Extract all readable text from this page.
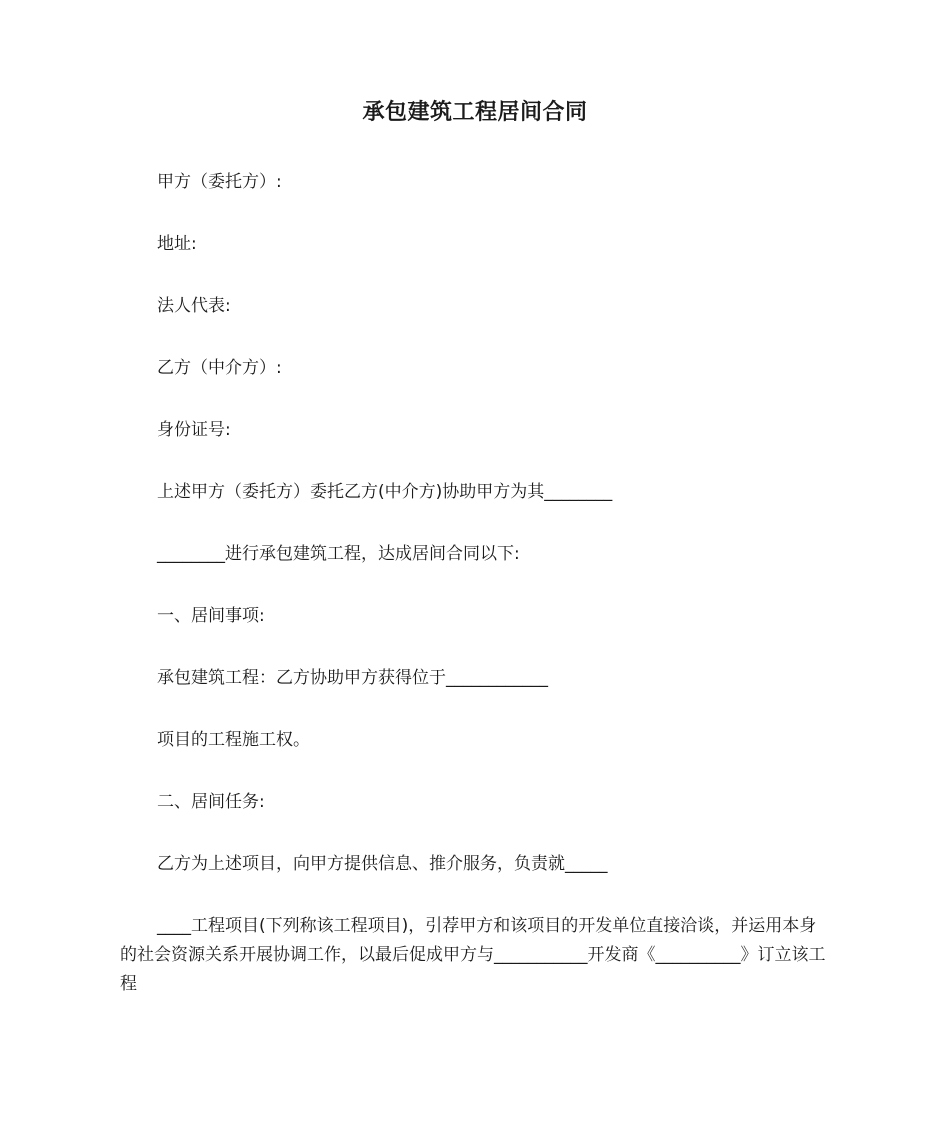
承包建筑工程居间合同
甲方（委托方）:
地址:
法人代表:
乙方（中介方）:
身份证号:
上述甲方（委托方）委托乙方(中介方)协助甲方为其________
________进行承包建筑工程，达成居间合同以下:
一、居间事项:
承包建筑工程：乙方协助甲方获得位于____________
项目的工程施工权。
二、居间任务:
乙方为上述项目，向甲方提供信息、推介服务，负责就_____
____工程项目(下列称该工程项目)，引荐甲方和该项目的开发单位直接洽谈，并运用本身的社会资源关系开展协调工作，以最后促成甲方与___________开发商《__________》订立该工程
